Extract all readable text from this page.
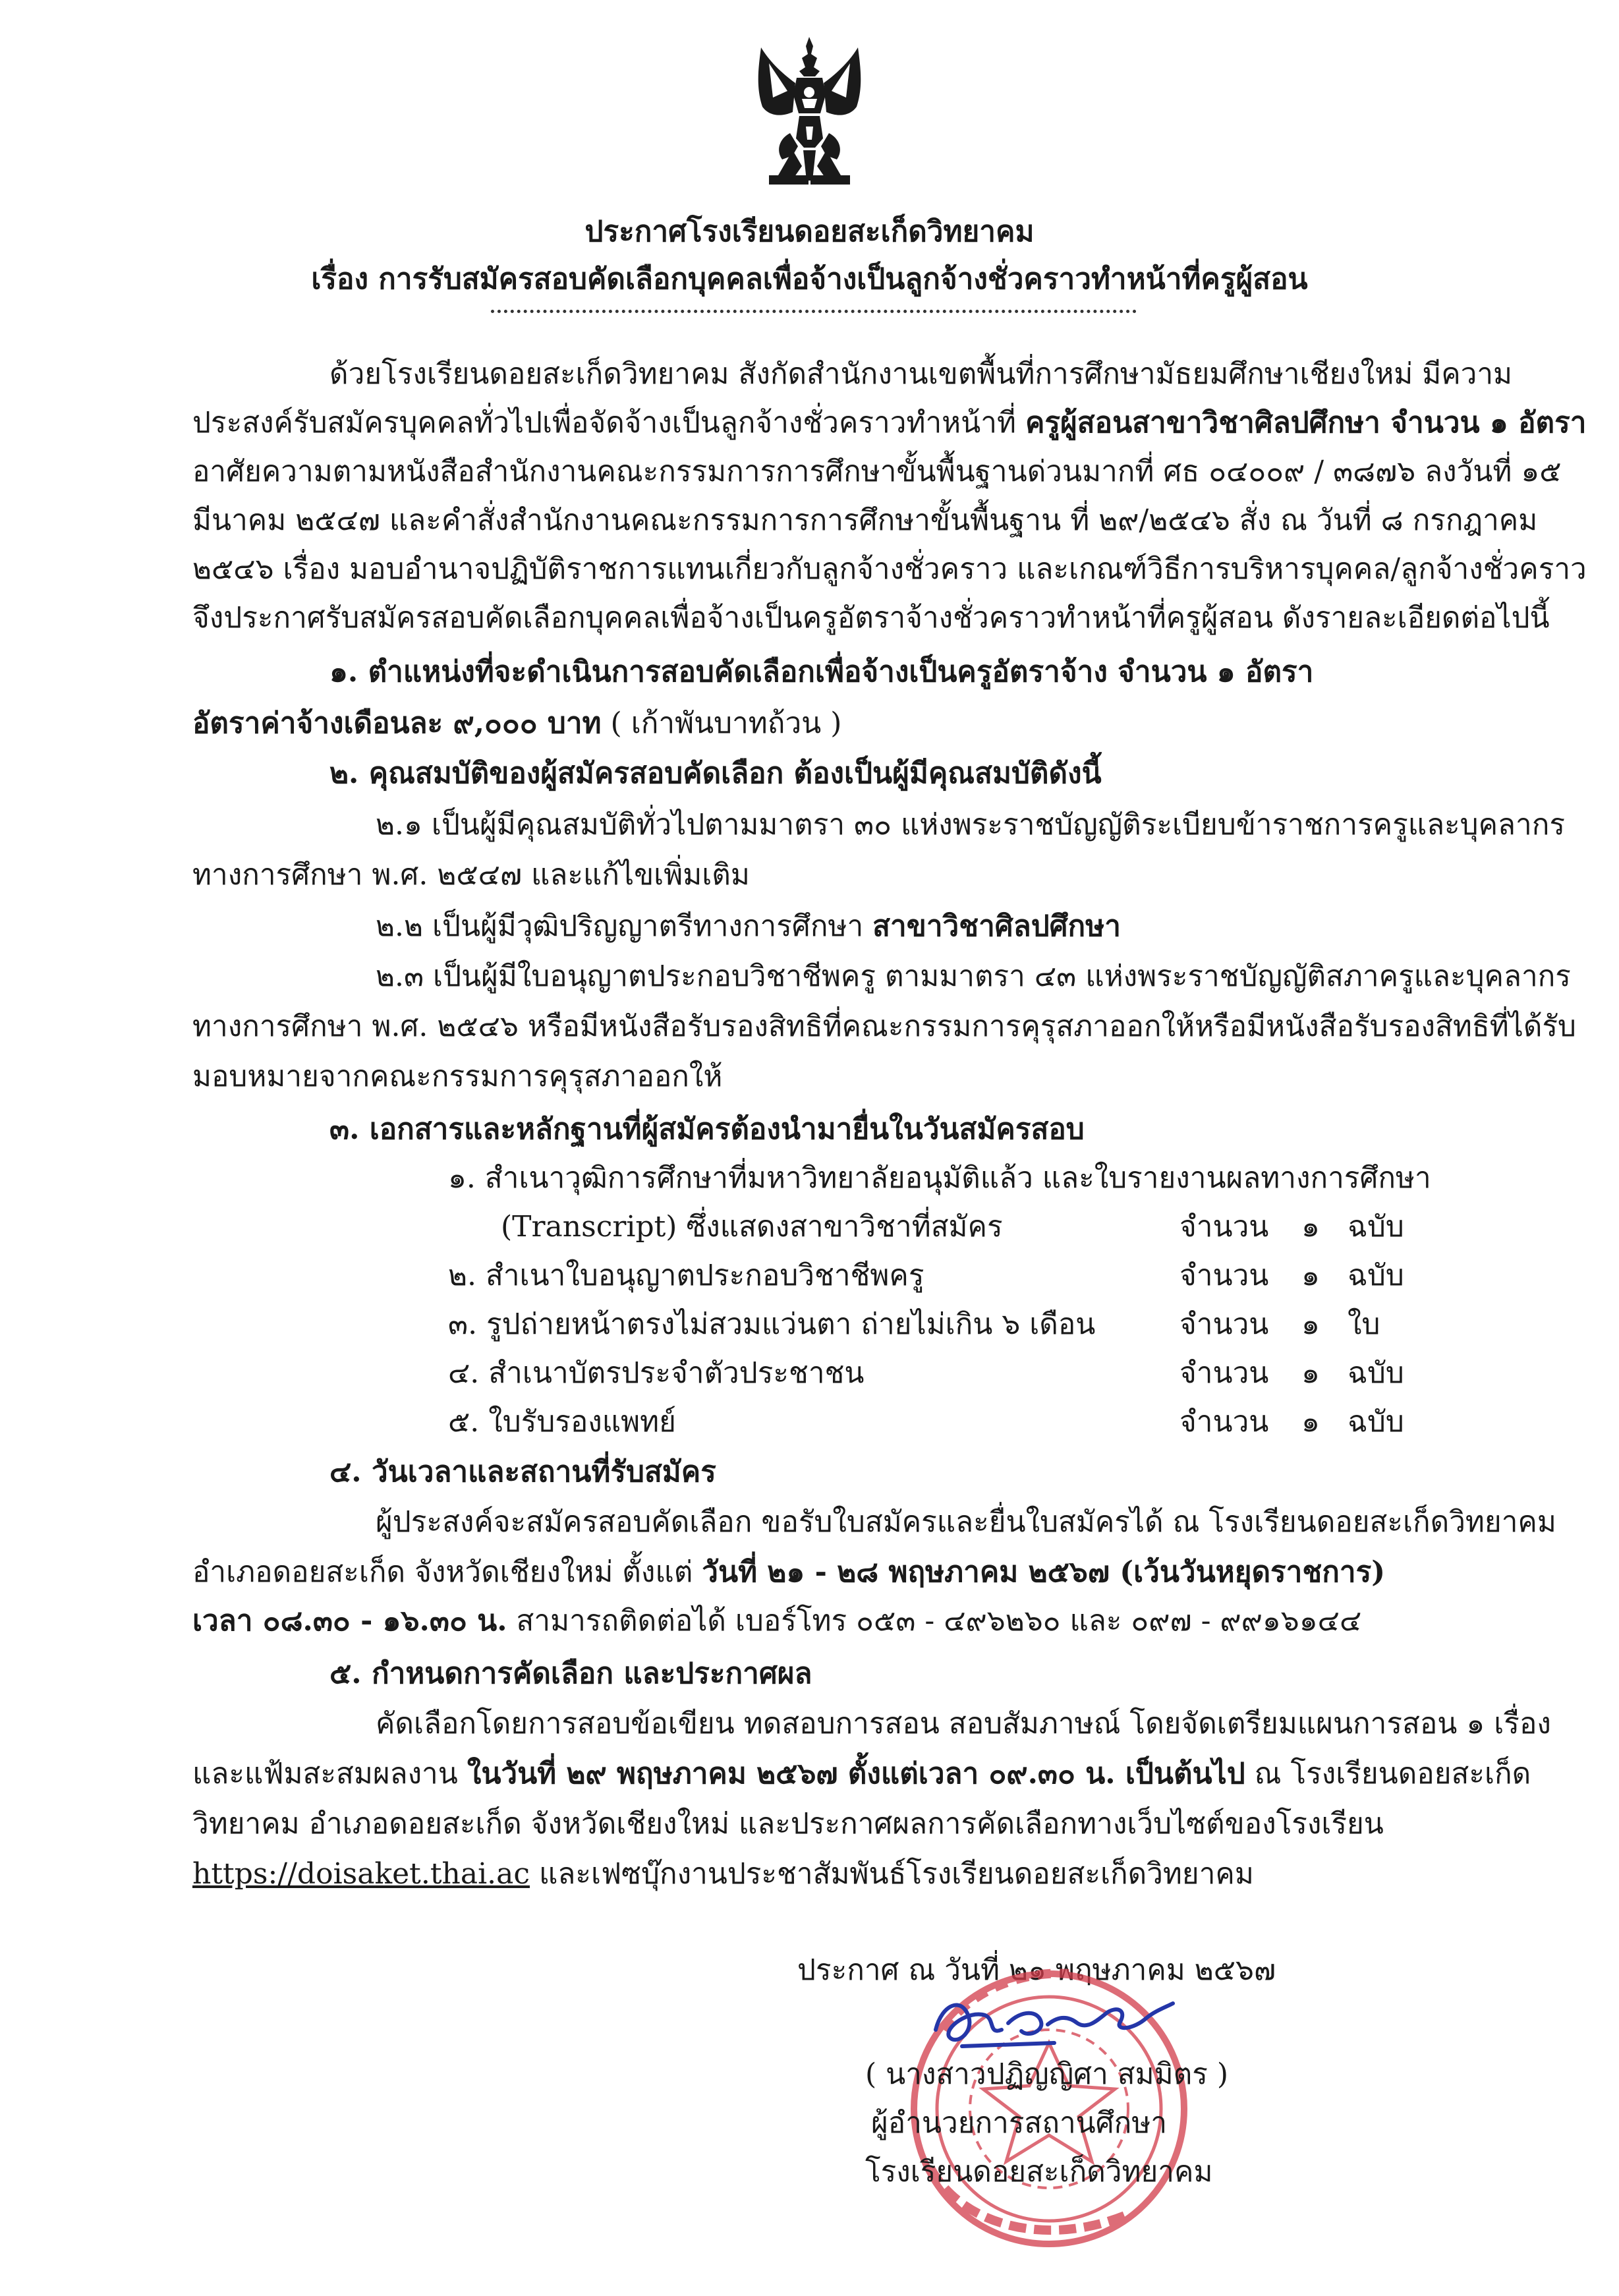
ประกาศโรงเรียนดอยสะเก็ดวิทยาคม
เรื่อง การรับสมัครสอบคัดเลือกบุคคลเพื่อจ้างเป็นลูกจ้างชั่วคราวทำหน้าที่ครูผู้สอน
ด้วยโรงเรียนดอยสะเก็ดวิทยาคม สังกัดสำนักงานเขตพื้นที่การศึกษามัธยมศึกษาเชียงใหม่ มีความ
ประสงค์รับสมัครบุคคลทั่วไปเพื่อจัดจ้างเป็นลูกจ้างชั่วคราวทำหน้าที่ ครูผู้สอนสาขาวิชาศิลปศึกษา จำนวน ๑ อัตรา
อาศัยความตามหนังสือสำนักงานคณะกรรมการการศึกษาขั้นพื้นฐานด่วนมากที่ ศธ ๐๔๐๐๙ / ๓๘๗๖ ลงวันที่ ๑๕
มีนาคม ๒๕๔๗ และคำสั่งสำนักงานคณะกรรมการการศึกษาขั้นพื้นฐาน ที่ ๒๙/๒๕๔๖ สั่ง ณ วันที่ ๘ กรกฎาคม
๒๕๔๖ เรื่อง มอบอำนาจปฏิบัติราชการแทนเกี่ยวกับลูกจ้างชั่วคราว และเกณฑ์วิธีการบริหารบุคคล/ลูกจ้างชั่วคราว
จึงประกาศรับสมัครสอบคัดเลือกบุคคลเพื่อจ้างเป็นครูอัตราจ้างชั่วคราวทำหน้าที่ครูผู้สอน ดังรายละเอียดต่อไปนี้
๑. ตำแหน่งที่จะดำเนินการสอบคัดเลือกเพื่อจ้างเป็นครูอัตราจ้าง จำนวน ๑ อัตรา
อัตราค่าจ้างเดือนละ ๙,๐๐๐ บาท ( เก้าพันบาทถ้วน )
๒. คุณสมบัติของผู้สมัครสอบคัดเลือก ต้องเป็นผู้มีคุณสมบัติดังนี้
๒.๑ เป็นผู้มีคุณสมบัติทั่วไปตามมาตรา ๓๐ แห่งพระราชบัญญัติระเบียบข้าราชการครูและบุคลากร
ทางการศึกษา พ.ศ. ๒๕๔๗ และแก้ไขเพิ่มเติม
๒.๒ เป็นผู้มีวุฒิปริญญาตรีทางการศึกษา สาขาวิชาศิลปศึกษา
๒.๓ เป็นผู้มีใบอนุญาตประกอบวิชาชีพครู ตามมาตรา ๔๓ แห่งพระราชบัญญัติสภาครูและบุคลากร
ทางการศึกษา พ.ศ. ๒๕๔๖ หรือมีหนังสือรับรองสิทธิที่คณะกรรมการคุรุสภาออกให้หรือมีหนังสือรับรองสิทธิที่ได้รับ
มอบหมายจากคณะกรรมการคุรุสภาออกให้
๓. เอกสารและหลักฐานที่ผู้สมัครต้องนำมายื่นในวันสมัครสอบ
๑. สำเนาวุฒิการศึกษาที่มหาวิทยาลัยอนุมัติแล้ว และใบรายงานผลทางการศึกษา
(Transcript) ซึ่งแสดงสาขาวิชาที่สมัคร	จำนวน ๑ ฉบับ
๒. สำเนาใบอนุญาตประกอบวิชาชีพครู	จำนวน ๑ ฉบับ
๓. รูปถ่ายหน้าตรงไม่สวมแว่นตา ถ่ายไม่เกิน ๖ เดือน	จำนวน ๑ ใบ
๔. สำเนาบัตรประจำตัวประชาชน	จำนวน ๑ ฉบับ
๕. ใบรับรองแพทย์	จำนวน ๑ ฉบับ
๔. วันเวลาและสถานที่รับสมัคร
ผู้ประสงค์จะสมัครสอบคัดเลือก ขอรับใบสมัครและยื่นใบสมัครได้ ณ โรงเรียนดอยสะเก็ดวิทยาคม
อำเภอดอยสะเก็ด จังหวัดเชียงใหม่ ตั้งแต่ วันที่ ๒๑ - ๒๘ พฤษภาคม ๒๕๖๗ (เว้นวันหยุดราชการ)
เวลา ๐๘.๓๐ - ๑๖.๓๐ น. สามารถติดต่อได้ เบอร์โทร ๐๕๓ - ๔๙๖๒๖๐ และ ๐๙๗ - ๙๙๑๖๑๔๔
๕. กำหนดการคัดเลือก และประกาศผล
คัดเลือกโดยการสอบข้อเขียน ทดสอบการสอน สอบสัมภาษณ์ โดยจัดเตรียมแผนการสอน ๑ เรื่อง
และแฟ้มสะสมผลงาน ในวันที่ ๒๙ พฤษภาคม ๒๕๖๗ ตั้งแต่เวลา ๐๙.๓๐ น. เป็นต้นไป ณ โรงเรียนดอยสะเก็ด
วิทยาคม อำเภอดอยสะเก็ด จังหวัดเชียงใหม่ และประกาศผลการคัดเลือกทางเว็บไซต์ของโรงเรียน
https://doisaket.thai.ac และเฟซบุ๊กงานประชาสัมพันธ์โรงเรียนดอยสะเก็ดวิทยาคม
ประกาศ ณ วันที่ ๒๑ พฤษภาคม ๒๕๖๗
( นางสาวปฏิญญิศา สมมิตร )
ผู้อำนวยการสถานศึกษา
โรงเรียนดอยสะเก็ดวิทยาคม
